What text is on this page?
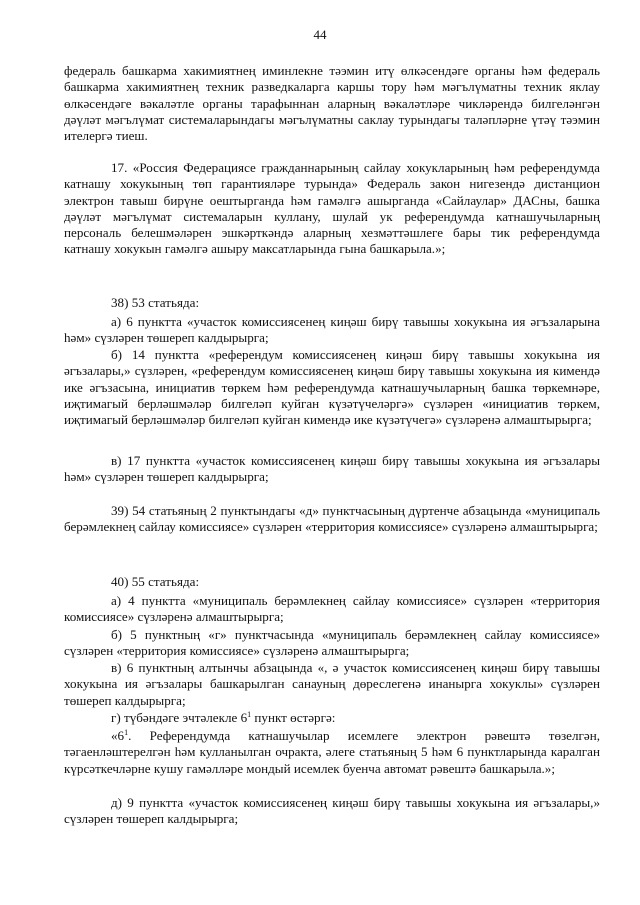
44

федераль башкарма хакимиятнең иминлекне тәэмин итү өлкәсендәге органы һәм федераль башкарма хакимиятнең техник разведкаларга каршы тору һәм мәгълүматны техник яклау өлкәсендәге вәкаләтле органы тарафыннан аларның вәкаләтләре чикләрендә билгеләнгән дәүләт мәгълүмат системаларындагы мәгълүматны саклау турындагы таләпләрне үтәү тәэмин ителергә тиеш.

17. «Россия Федерациясе гражданнарының сайлау хокукларының һәм референдумда катнашу хокукының төп гарантияләре турында» Федераль закон нигезендә дистанцион электрон тавыш бирүне оештырганда һәм гамәлгә ашырганда «Сайлаулар» ДАСны, башка дәүләт мәгълүмат системаларын куллану, шулай ук референдумда катнашучыларның персональ белешмәләрен эшкәрткәндә аларның хезмәттәшлеге бары тик референдумда катнашу хокукын гамәлгә ашыру максатларында гына башкарыла.»;

38) 53 статьяда:

а) 6 пунктта «участок комиссиясенең киңәш бирү тавышы хокукына ия әгъзаларына һәм» сүзләрен төшереп калдырырга;

б) 14 пунктта «референдум комиссиясенең киңәш бирү тавышы хокукына ия әгъзалары,» сүзләрен, «референдум комиссиясенең киңәш бирү тавышы хокукына ия кимендә ике әгъзасына, инициатив төркем һәм референдумда катнашучыларның башка төркемнәре, иҗтимагый берләшмәләр билгеләп куйган күзәтүчеләргә» сүзләрен «инициатив төркем, иҗтимагый берләшмәләр билгеләп куйган кимендә ике күзәтүчегә» сүзләренә алмаштырырга;

в) 17 пунктта «участок комиссиясенең киңәш бирү тавышы хокукына ия әгъзалары һәм» сүзләрен төшереп калдырырга;

39) 54 статьяның 2 пунктындагы «д» пунктчасының дүртенче абзацында «муниципаль берәмлекнең сайлау комиссиясе» сүзләрен «территория комиссиясе» сүзләренә алмаштырырга;

40) 55 статьяда:

а) 4 пунктта «муниципаль берәмлекнең сайлау комиссиясе» сүзләрен «территория комиссиясе» сүзләренә алмаштырырга;

б) 5 пунктның «г» пунктчасында «муниципаль берәмлекнең сайлау комиссиясе» сүзләрен «территория комиссиясе» сүзләренә алмаштырырга;

в) 6 пунктның алтынчы абзацында «, ә участок комиссиясенең киңәш бирү тавышы хокукына ия әгъзалары башкарылган санауның дөреслегенә инанырга хокуклы» сүзләрен төшереп калдырырга;

г) түбәндәге эчтәлекле $6^1$ пункт өстәргә:

«$6^1$. Референдумда катнашучылар исемлеге электрон рәвештә төзелгән, тәгаенләштерелгән һәм кулланылган очракта, әлеге статьяның 5 һәм 6 пунктларында каралган күрсәткечләрне кушу гамәлләре мондый исемлек буенча автомат рәвештә башкарыла.»;

д) 9 пунктта «участок комиссиясенең киңәш бирү тавышы хокукына ия әгъзалары,» сүзләрен төшереп калдырырга;
